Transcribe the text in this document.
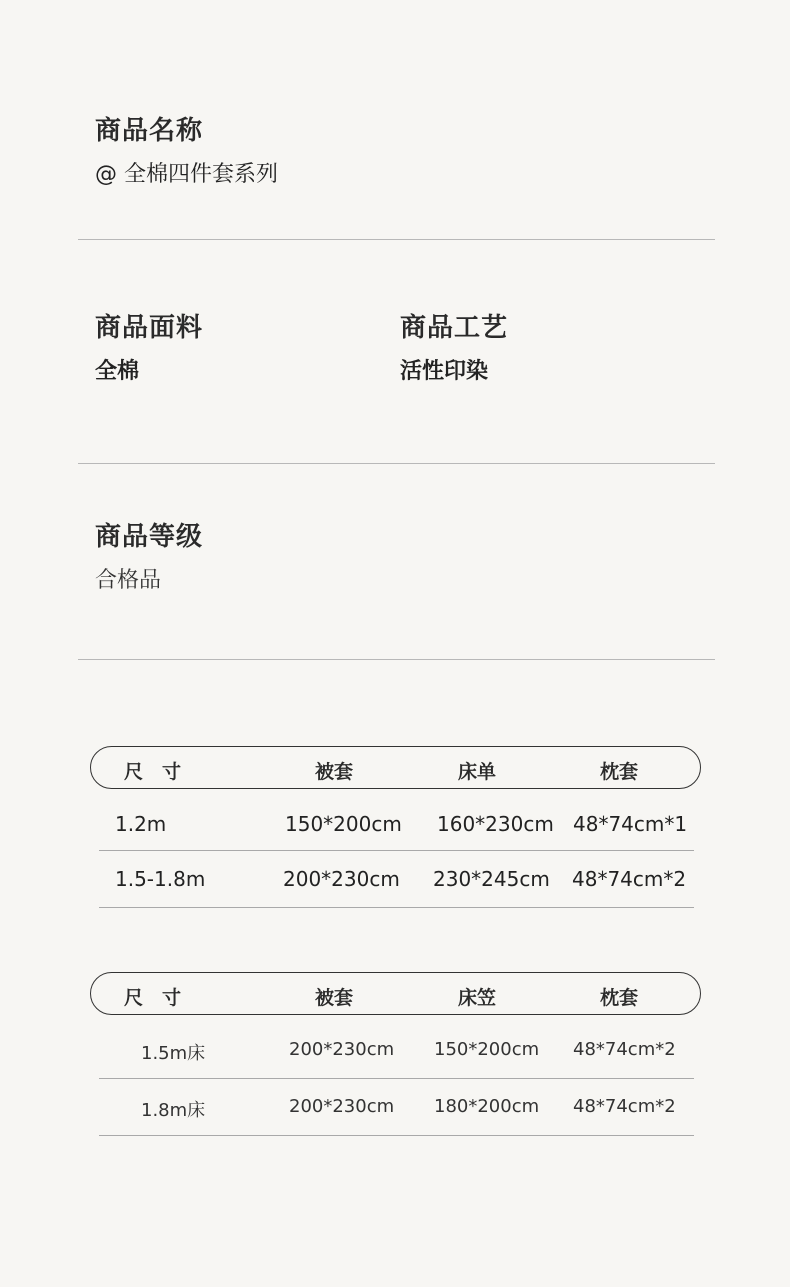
商品名称
@ 全棉四件套系列
商品面料
全棉
商品工艺
活性印染
商品等级
合格品
尺　寸	被套	床单	枕套
1.2m	150*200cm 160*230cm 48*74cm*1
1.5-1.8m	200*230cm 230*245cm 48*74cm*2
尺　寸	被套	床笠	枕套
1.5m床	200*230cm 150*200cm 48*74cm*2
1.8m床	200*230cm 180*200cm 48*74cm*2
